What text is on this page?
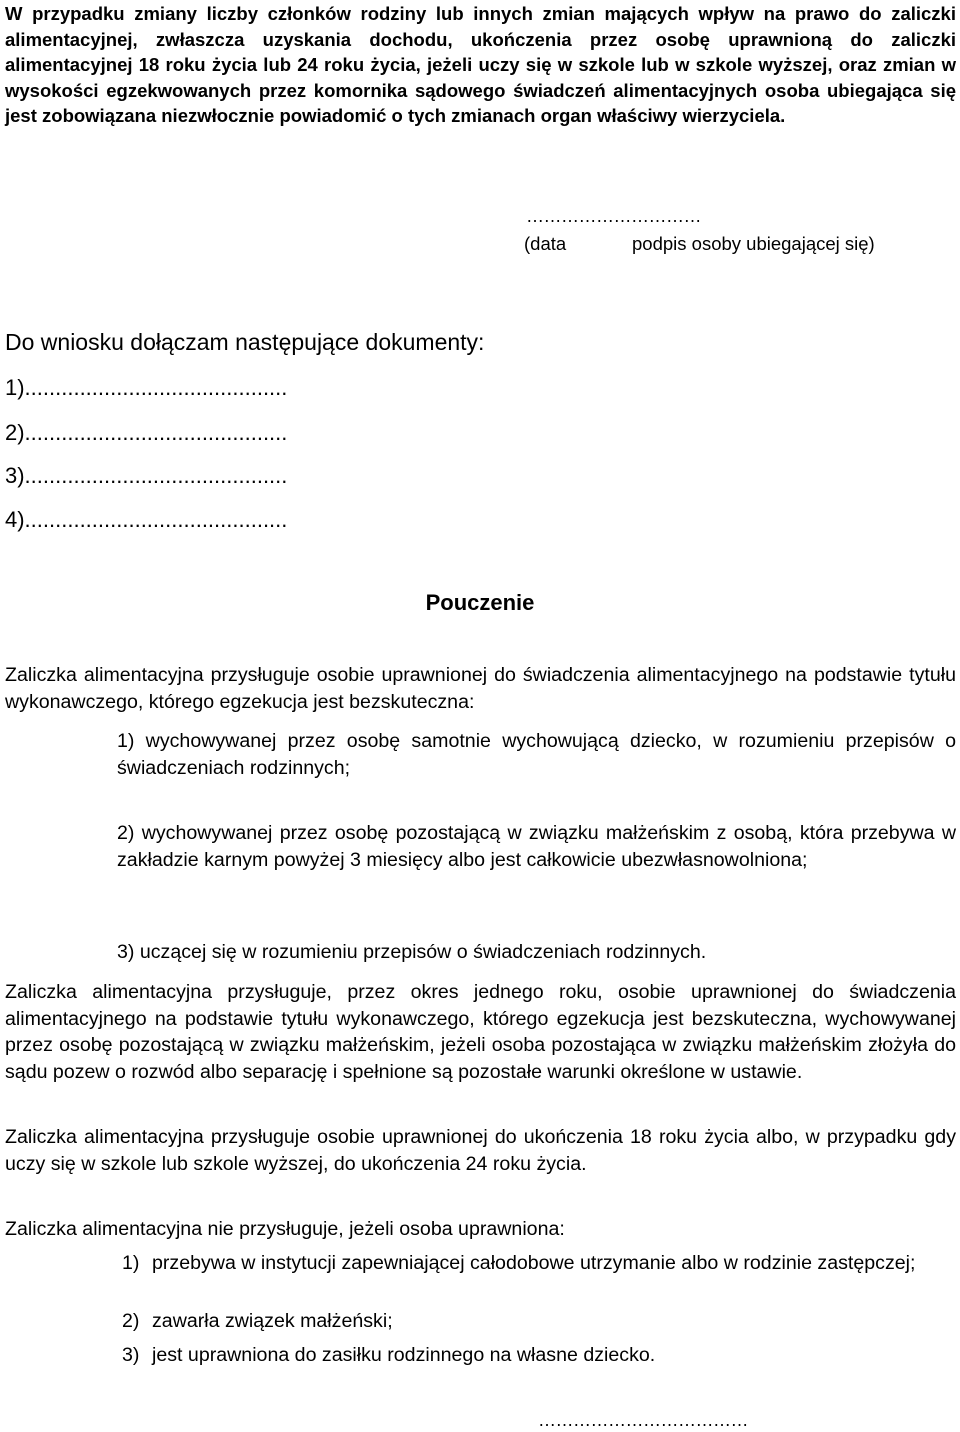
W przypadku zmiany liczby członków rodziny lub innych zmian mających wpływ na prawo do zaliczki alimentacyjnej, zwłaszcza uzyskania dochodu, ukończenia przez osobę uprawnioną do zaliczki alimentacyjnej 18 roku życia lub 24 roku życia, jeżeli uczy się w szkole lub w szkole wyższej, oraz zmian w wysokości egzekwowanych przez komornika sądowego świadczeń alimentacyjnych osoba ubiegająca się jest zobowiązana niezwłocznie powiadomić o tych zmianach organ właściwy wierzyciela.

…………………………
(data	podpis osoby ubiegającej się)
Do wniosku dołączam następujące dokumenty:
1)...........................................
2)...........................................
3)...........................................
4)...........................................
Pouczenie

Zaliczka alimentacyjna przysługuje osobie uprawnionej do świadczenia alimentacyjnego na podstawie tytułu wykonawczego, którego egzekucja jest bezskuteczna:

1) wychowywanej przez osobę samotnie wychowującą dziecko, w rozumieniu przepisów o świadczeniach rodzinnych;

2) wychowywanej przez osobę pozostającą w związku małżeńskim z osobą, która przebywa w zakładzie karnym powyżej 3 miesięcy albo jest całkowicie ubezwłasnowolniona;

3) uczącej się w rozumieniu przepisów o świadczeniach rodzinnych.

Zaliczka alimentacyjna przysługuje, przez okres jednego roku, osobie uprawnionej do świadczenia alimentacyjnego na podstawie tytułu wykonawczego, którego egzekucja jest bezskuteczna, wychowywanej przez osobę pozostającą w związku małżeńskim, jeżeli osoba pozostająca w związku małżeńskim złożyła do sądu pozew o rozwód albo separację i spełnione są pozostałe warunki określone w ustawie.

Zaliczka alimentacyjna przysługuje osobie uprawnionej do ukończenia 18 roku życia albo, w przypadku gdy uczy się w szkole lub szkole wyższej, do ukończenia 24 roku życia.

Zaliczka alimentacyjna nie przysługuje, jeżeli osoba uprawniona:

1) przebywa w instytucji zapewniającej całodobowe utrzymanie albo w rodzinie zastępczej;
2) zawarła związek małżeński;
3) jest uprawniona do zasiłku rodzinnego na własne dziecko.
………………………………
